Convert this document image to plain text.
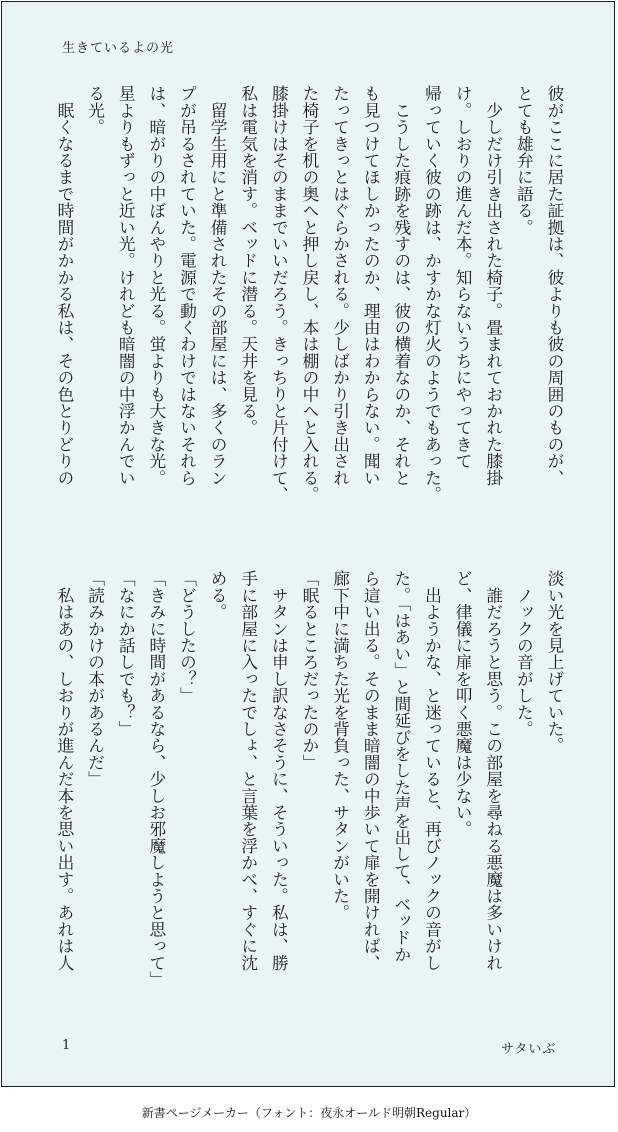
生きているよの光
彼がここに居た証拠は、彼よりも彼の周囲のものが、
とても雄弁に語る。
　少しだけ引き出された椅子。畳まれておかれた膝掛
け。しおりの進んだ本。知らないうちにやってきて
帰っていく彼の跡は、かすかな灯火のようでもあった。
　こうした痕跡を残すのは、彼の横着なのか、それと
も見つけてほしかったのか、理由はわからない。聞い
たってきっとはぐらかされる。少しばかり引き出され
た椅子を机の奥へと押し戻し、本は棚の中へと入れる。
膝掛けはそのままでいいだろう。きっちりと片付けて、
私は電気を消す。ベッドに潜る。天井を見る。
　留学生用にと準備されたその部屋には、多くのラン
プが吊るされていた。電源で動くわけではないそれら
は、暗がりの中ぼんやりと光る。蛍よりも大きな光。
星よりもずっと近い光。けれども暗闇の中浮かんでい
る光。
　眠くなるまで時間がかかる私は、その色とりどりの
淡い光を見上げていた。
　ノックの音がした。
　誰だろうと思う。この部屋を尋ねる悪魔は多いけれ
ど、律儀に扉を叩く悪魔は少ない。
　出ようかな、と迷っていると、再びノックの音がし
た。「はあい」と間延びをした声を出して、ベッドか
ら這い出る。そのまま暗闇の中歩いて扉を開ければ、
廊下中に満ちた光を背負った、サタンがいた。
「眠るところだったのか」
　サタンは申し訳なさそうに、そういった。私は、勝
手に部屋に入ったでしょ、と言葉を浮かべ、すぐに沈
める。
「どうしたの？」
「きみに時間があるなら、少しお邪魔しようと思って」
「なにか話しでも？」
「読みかけの本があるんだ」
　私はあの、しおりが進んだ本を思い出す。あれは人
1	サタいぶ
新書ページメーカー（フォント：夜永オールド明朝Regular）
